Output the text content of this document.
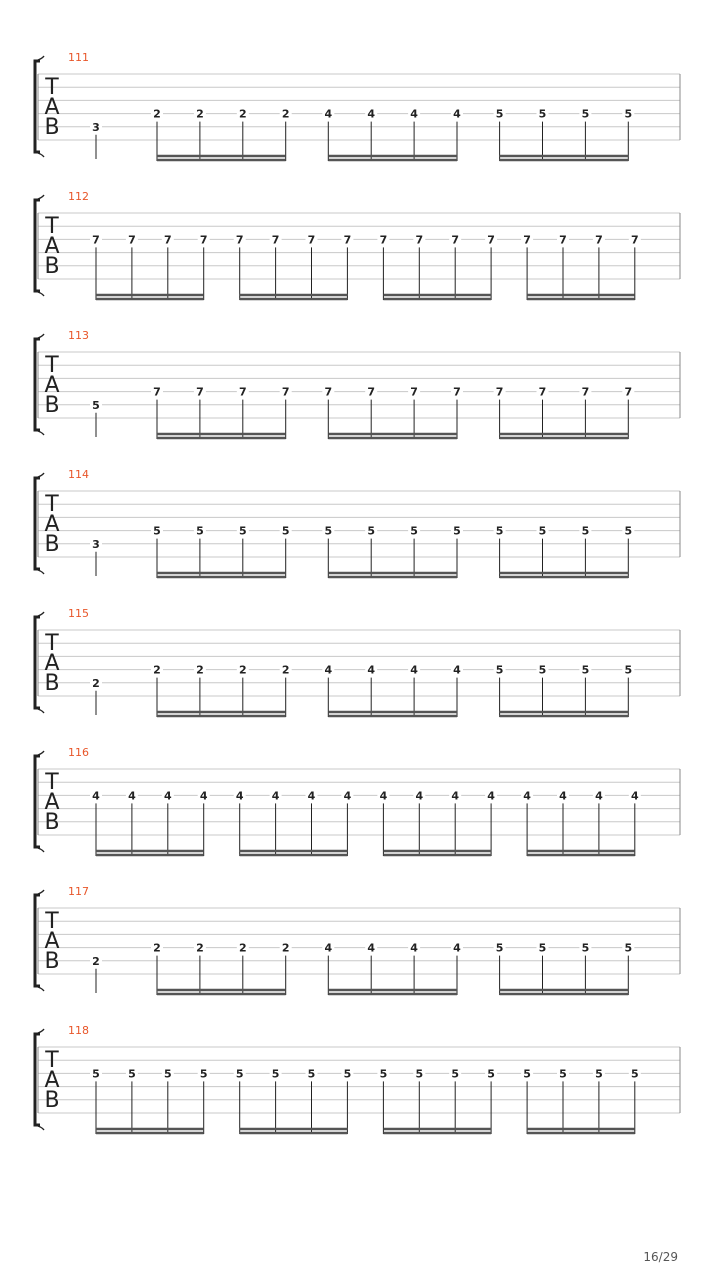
111
T
A
B	3
2	2	2	2	4	4	4	4	5	5	5	5
112
T
A
B
7	7	7	7	7	7	7	7	7	7	7	7	7	7	7	7
113
T
A
B	5
7	7	7	7	7	7	7	7	7	7	7	7
114
T
A
B	3
5	5	5	5	5	5	5	5	5	5	5	5
115
T
A
B	2
2	2	2	2	4	4	4	4	5	5	5	5
116
T
A
B
4	4	4	4	4	4	4	4	4	4	4	4	4	4	4	4
117
T
A
B	2
2	2	2	2	4	4	4	4	5	5	5	5
118
T
A
B
5	5	5	5	5	5	5	5	5	5	5	5	5	5	5	5
16/29
